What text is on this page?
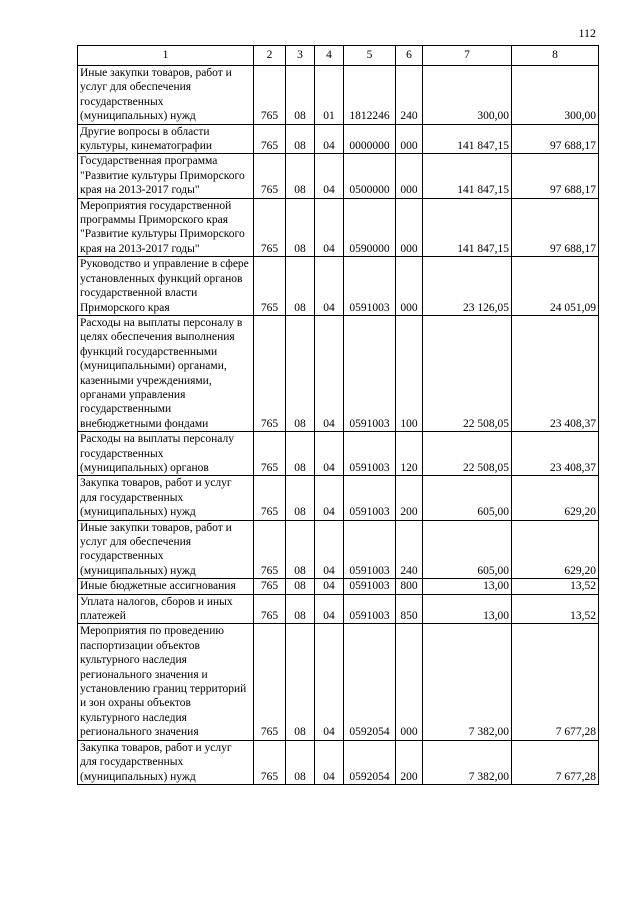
112
1	2	3	4	5	6	7	8
Иные закупки товаров, работ и услуг для обеспечения государственных (муниципальных) нужд	765	08	01	1812246	240	300,00	300,00
Другие вопросы в области культуры, кинематографии	765	08	04	0000000	000	141 847,15	97 688,17
Государственная программа "Развитие культуры Приморского края на 2013-2017 годы"	765	08	04	0500000	000	141 847,15	97 688,17
Мероприятия государственной программы Приморского края "Развитие культуры Приморского края на 2013-2017 годы"	765	08	04	0590000	000	141 847,15	97 688,17
Руководство и управление в сфере установленных функций органов государственной власти Приморского края	765	08	04	0591003	000	23 126,05	24 051,09
Расходы на выплаты персоналу в целях обеспечения выполнения функций государственными (муниципальными) органами, казенными учреждениями, органами управления государственными внебюджетными фондами	765	08	04	0591003	100	22 508,05	23 408,37
Расходы на выплаты персоналу государственных (муниципальных) органов	765	08	04	0591003	120	22 508,05	23 408,37
Закупка товаров, работ и услуг для государственных (муниципальных) нужд	765	08	04	0591003	200	605,00	629,20
Иные закупки товаров, работ и услуг для обеспечения государственных (муниципальных) нужд	765	08	04	0591003	240	605,00	629,20
Иные бюджетные ассигнования	765	08	04	0591003	800	13,00	13,52
Уплата налогов, сборов и иных платежей	765	08	04	0591003	850	13,00	13,52
Мероприятия по проведению паспортизации объектов культурного наследия регионального значения и установлению границ территорий и зон охраны объектов культурного наследия регионального значения	765	08	04	0592054	000	7 382,00	7 677,28
Закупка товаров, работ и услуг для государственных (муниципальных) нужд	765	08	04	0592054	200	7 382,00	7 677,28
